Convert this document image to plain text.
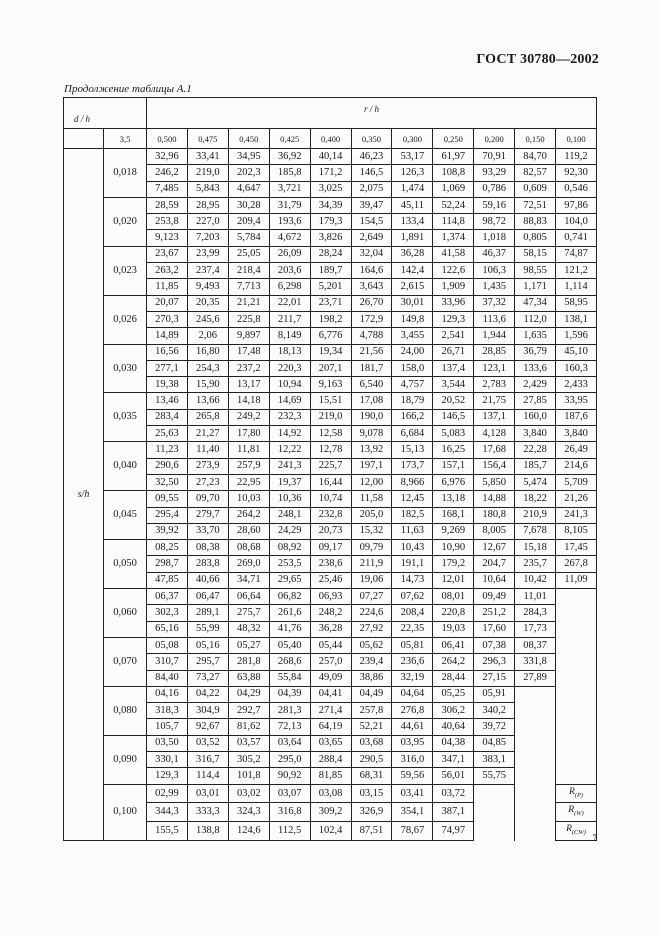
ГОСТ 30780—2002
Продолжение таблицы А.1
d / h		r / h										
	3,5	0,500	0,475	0,450	0,425	0,400	0,350	0,300	0,250	0,200	0,150	0,100
s/h	0,018	32,96	33,41	34,95	36,92	40,14	46,23	53,17	61,97	70,91	84,70	119,2
		246,2	219,0	202,3	185,8	171,2	146,5	126,3	108,8	93,29	82,57	92,30
		7,485	5,843	4,647	3,721	3,025	2,075	1,474	1,069	0,786	0,609	0,546
	0,020	28,59	28,95	30,28	31,79	34,39	39,47	45,11	52,24	59,16	72,51	97,86
		253,8	227,0	209,4	193,6	179,3	154,5	133,4	114,8	98,72	88,83	104,0
		9,123	7,203	5,784	4,672	3,826	2,649	1,891	1,374	1,018	0,805	0,741
	0,023	23,67	23,99	25,05	26,09	28,24	32,04	36,28	41,58	46,37	58,15	74,87
		263,2	237,4	218,4	203,6	189,7	164,6	142,4	122,6	106,3	98,55	121,2
		11,85	9,493	7,713	6,298	5,201	3,643	2,615	1,909	1,435	1,171	1,114
	0,026	20,07	20,35	21,21	22,01	23,71	26,70	30,01	33,96	37,32	47,34	58,95
		270,3	245,6	225,8	211,7	198,2	172,9	149,8	129,3	113,6	112,0	138,1
		14,89	2,06	9,897	8,149	6,776	4,788	3,455	2,541	1,944	1,635	1,596
	0,030	16,56	16,80	17,48	18,13	19,34	21,56	24,00	26,71	28,85	36,79	45,10
		277,1	254,3	237,2	220,3	207,1	181,7	158,0	137,4	123,1	133,6	160,3
		19,38	15,90	13,17	10,94	9,163	6,540	4,757	3,544	2,783	2,429	2,433
	0,035	13,46	13,66	14,18	14,69	15,51	17,08	18,79	20,52	21,75	27,85	33,95
		283,4	265,8	249,2	232,3	219,0	190,0	166,2	146,5	137,1	160,0	187,6
		25,63	21,27	17,80	14,92	12,58	9,078	6,684	5,083	4,128	3,840	3,840
	0,040	11,23	11,40	11,81	12,22	12,78	13,92	15,13	16,25	17,68	22,28	26,49
		290,6	273,9	257,9	241,3	225,7	197,1	173,7	157,1	156,4	185,7	214,6
		32,50	27,23	22,95	19,37	16,44	12,00	8,966	6,976	5,850	5,474	5,709
	0,045	09,55	09,70	10,03	10,36	10,74	11,58	12,45	13,18	14,88	18,22	21,26
		295,4	279,7	264,2	248,1	232,8	205,0	182,5	168,1	180,8	210,9	241,3
		39,92	33,70	28,60	24,29	20,73	15,32	11,63	9,269	8,005	7,678	8,105
	0,050	08,25	08,38	08,68	08,92	09,17	09,79	10,43	10,90	12,67	15,18	17,45
		298,7	283,8	269,0	253,5	238,6	211,9	191,1	179,2	204,7	235,7	267,8
		47,85	40,66	34,71	29,65	25,46	19,06	14,73	12,01	10,64	10,42	11,09
	0,060	06,37	06,47	06,64	06,82	06,93	07,27	07,62	08,01	09,49	11,01	
		302,3	289,1	275,7	261,6	248,2	224,6	208,4	220,8	251,2	284,3	
		65,16	55,99	48,32	41,76	36,28	27,92	22,35	19,03	17,60	17,73	
	0,070	05,08	05,16	05,27	05,40	05,44	05,62	05,81	06,41	07,38	08,37	
		310,7	295,7	281,8	268,6	257,0	239,4	236,6	264,2	296,3	331,8	
		84,40	73,27	63,88	55,84	49,09	38,86	32,19	28,44	27,15	27,89	
	0,080	04,16	04,22	04,29	04,39	04,41	04,49	04,64	05,25	05,91		
		318,3	304,9	292,7	281,3	271,4	257,8	276,8	306,2	340,2		
		105,7	92,67	81,62	72,13	64,19	52,21	44,61	40,64	39,72		
	0,090	03,50	03,52	03,57	03,64	03,65	03,68	03,95	04,38	04,85		
		330,1	316,7	305,2	295,0	288,4	290,5	316,0	347,1	383,1		
		129,3	114,4	101,8	90,92	81,85	68,31	59,56	56,01	55,75		
	0,100	02,99	03,01	03,02	03,07	03,08	03,15	03,41	03,72			$R_{(P)}$
		344,3	333,3	324,3	316,8	309,2	326,9	354,1	387,1			$R_{(W)}$
		155,5	138,8	124,6	112,5	102,4	87,51	78,67	74,97			$R_{(CW)}$
7
